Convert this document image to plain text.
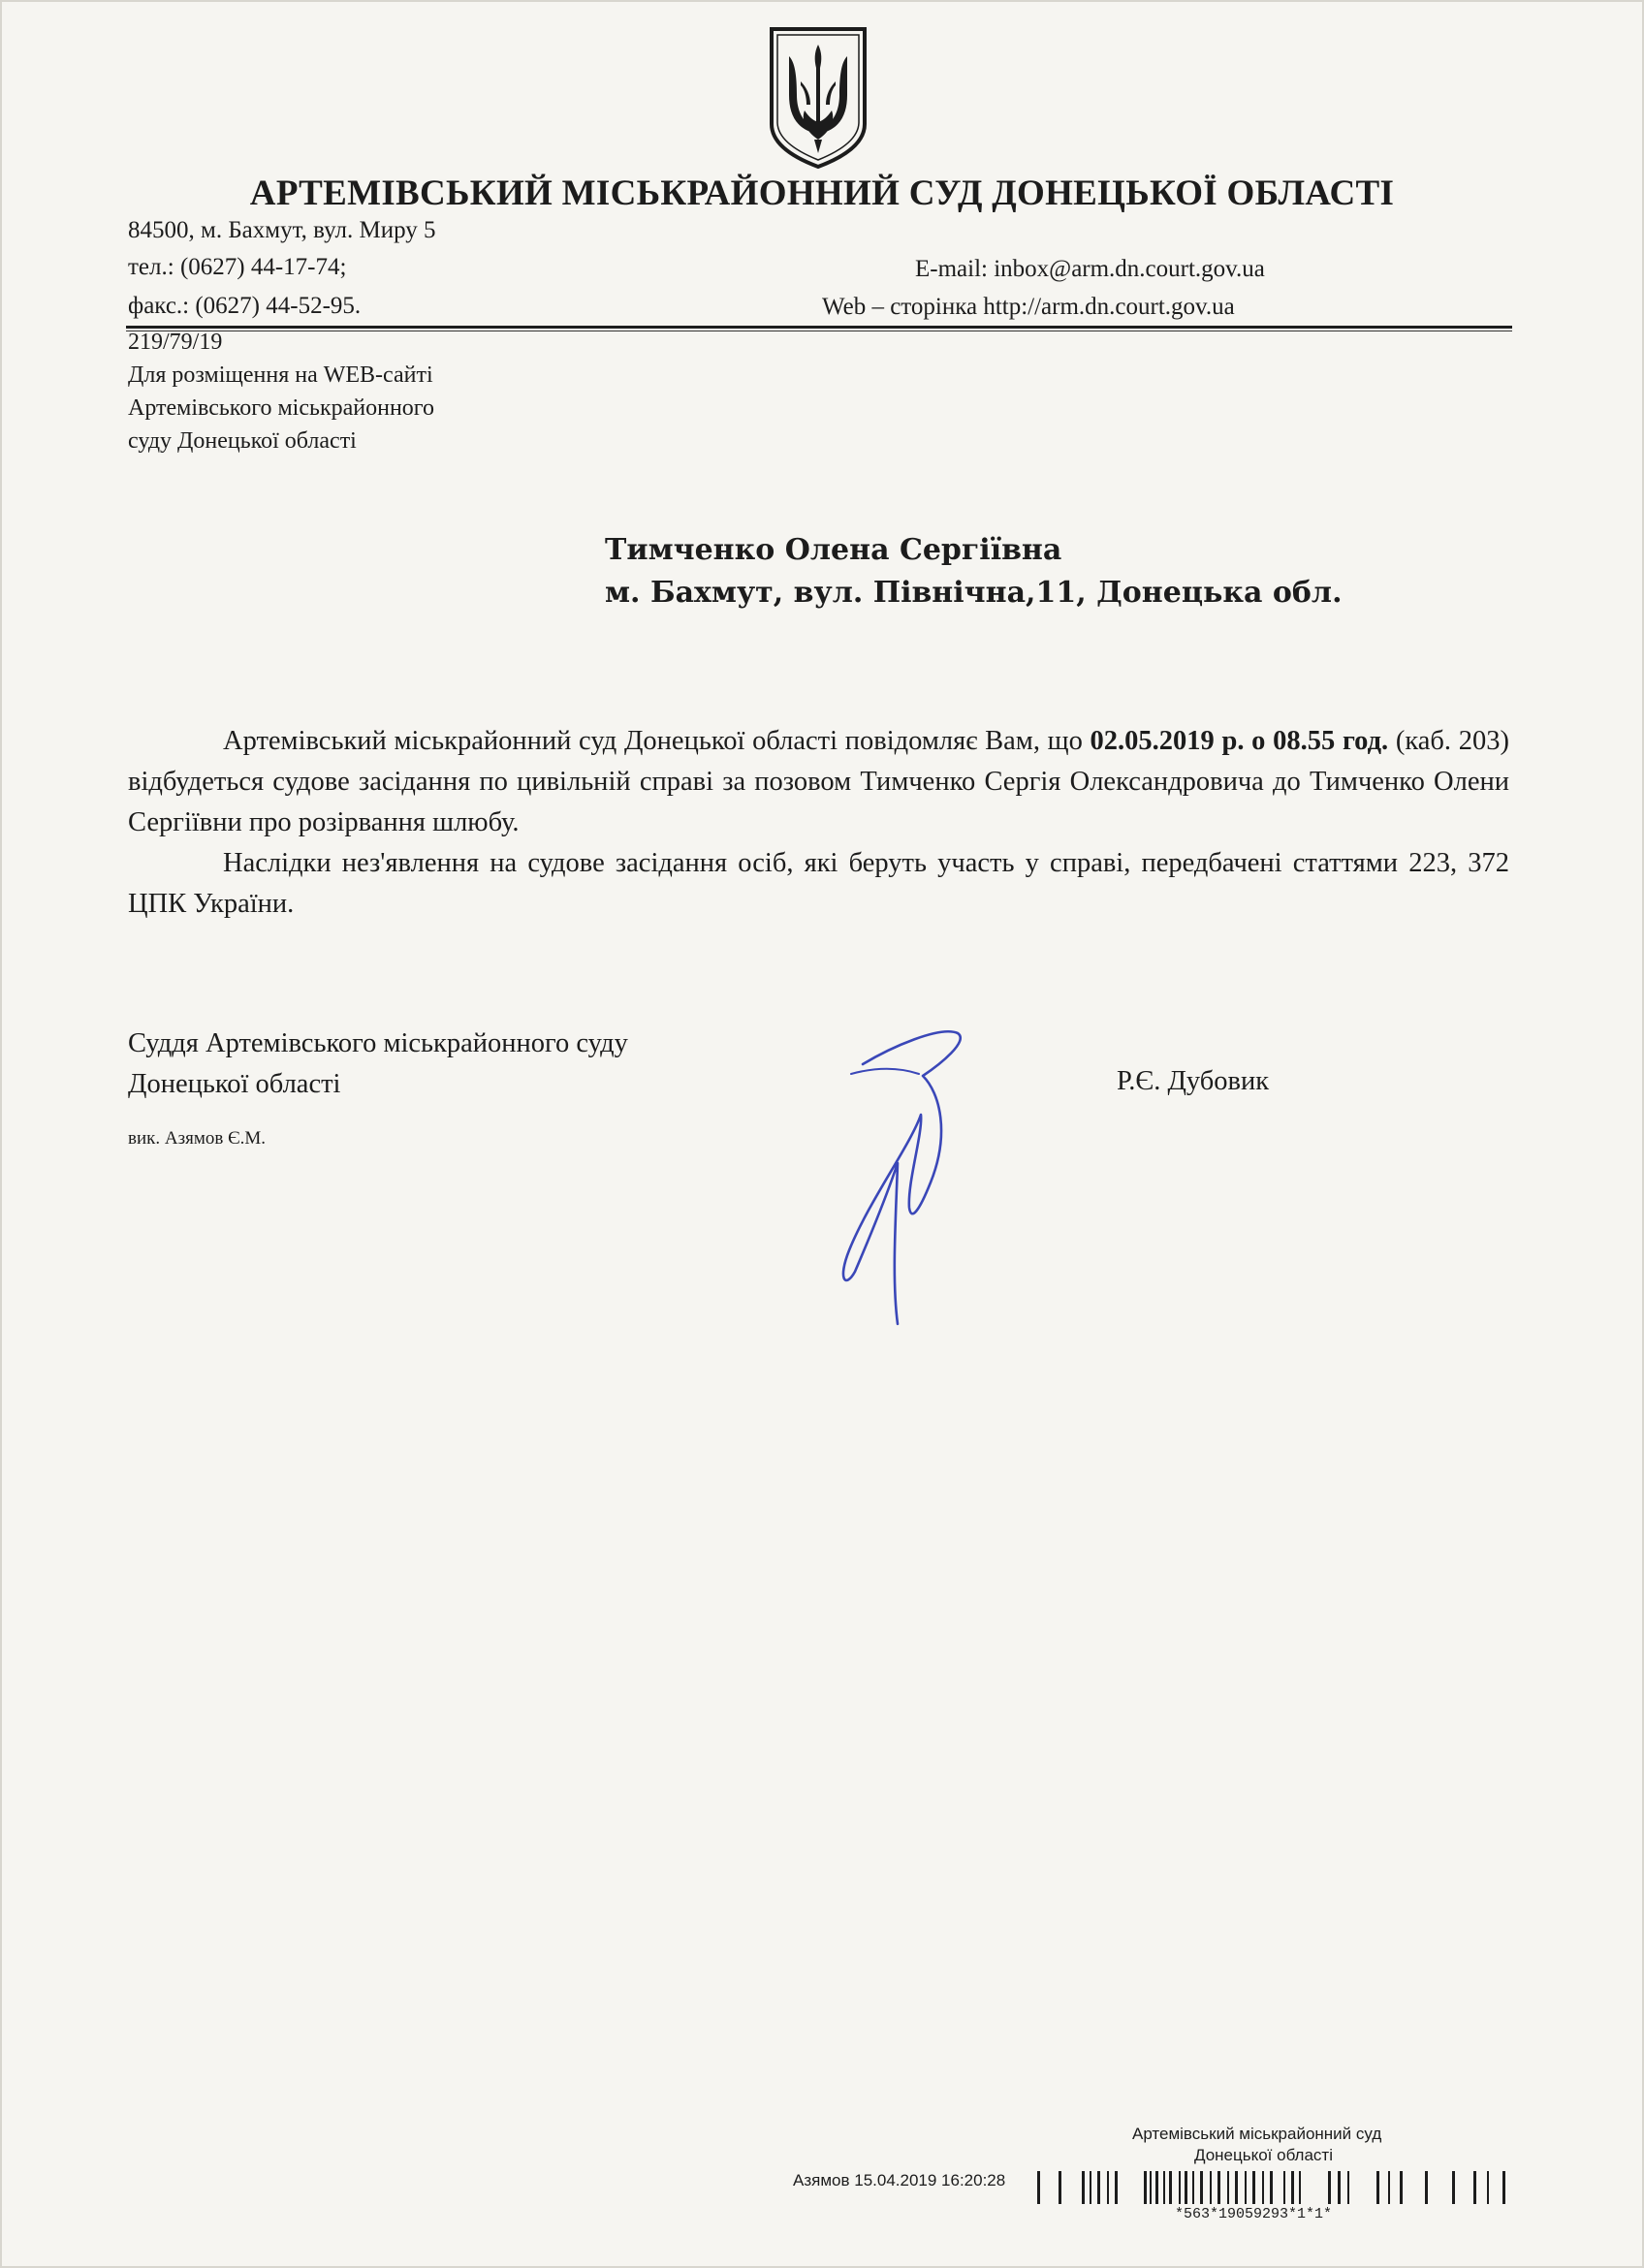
АРТЕМІВСЬКИЙ МІСЬКРАЙОННИЙ СУД ДОНЕЦЬКОЇ ОБЛАСТІ
84500, м. Бахмут, вул. Миру 5
тел.: (0627) 44-17-74;
факс.: (0627) 44-52-95.
E-mail: inbox@arm.dn.court.gov.ua
Web – сторінка http://arm.dn.court.gov.ua
219/79/19
Для розміщення на WEB-сайті
Артемівського міськрайонного
суду Донецької області
Тимченко Олена Сергіївна
м. Бахмут, вул. Північна,11, Донецька обл.

Артемівський міськрайонний суд Донецької області повідомляє Вам, що 02.05.2019 р. о 08.55 год. (каб. 203) відбудеться судове засідання по цивільній справі за позовом Тимченко Сергія Олександровича до Тимченко Олени Сергіївни про розірвання шлюбу.

Наслідки нез'явлення на судове засідання осіб, які беруть участь у справі, передбачені статтями 223, 372 ЦПК України.

Суддя Артемівського міськрайонного суду
Донецької області	Р.Є. Дубовик
вик. Азямов Є.М.
Артемівський міськрайонний суд
Донецької області
Азямов 15.04.2019 16:20:28
*563*19059293*1*1*
